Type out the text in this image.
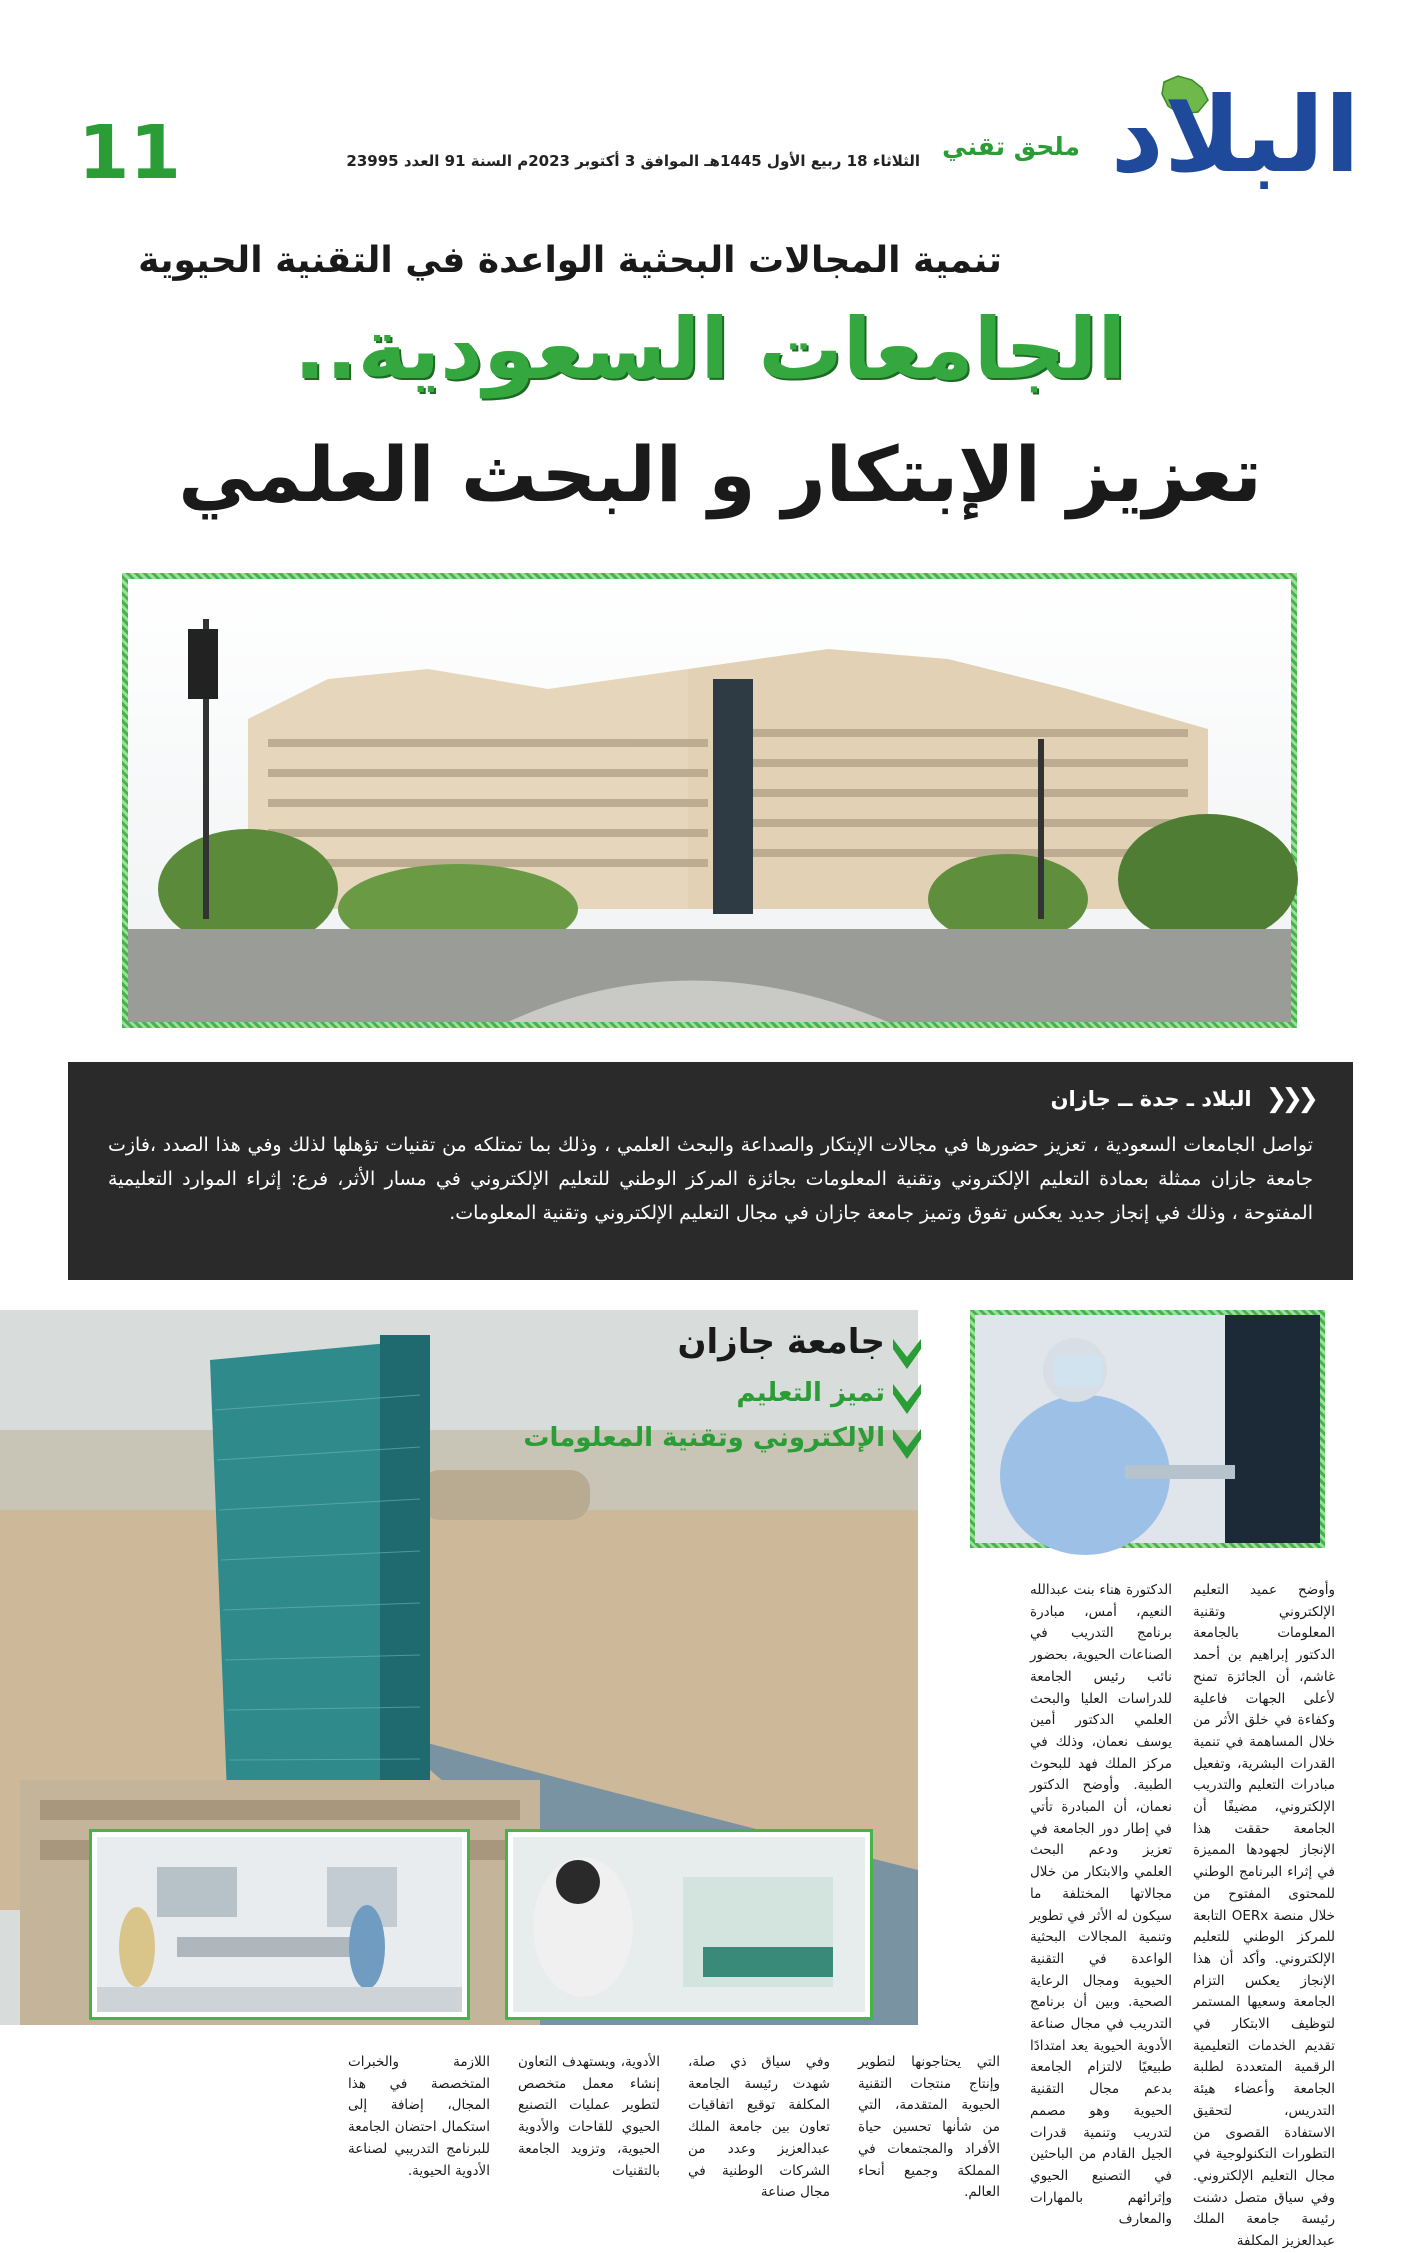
البلاد
ملحق تقني
الثلاثاء 18 ربيع الأول 1445هـ الموافق 3 أكتوبر 2023م السنة 91 العدد 23995
11
تنمية المجالات البحثية الواعدة في التقنية الحيوية
الجامعات السعودية..
تعزيز الإبتكار و البحث العلمي
❮❮❮
البلاد ـ جدة ــ جازان

تواصل الجامعات السعودية ، تعزيز حضورها في مجالات الإبتكار والصداعة والبحث العلمي ، وذلك بما تمتلكه من تقنيات تؤهلها لذلك وفي هذا الصدد ،فازت جامعة جازان ممثلة بعمادة التعليم الإلكتروني وتقنية المعلومات بجائزة المركز الوطني للتعليم الإلكتروني في مسار الأثر، فرع: إثراء الموارد التعليمية المفتوحة ، وذلك في إنجاز جديد يعكس تفوق وتميز جامعة جازان في مجال التعليم الإلكتروني وتقنية المعلومات.

جامعة جازان
تميز التعليم
الإلكتروني وتقنية المعلومات
وأوضح عميد التعليم الإلكتروني وتقنية المعلومات بالجامعة الدكتور إبراهيم بن أحمد غاشم، أن الجائزة تمنح لأعلى الجهات فاعلية وكفاءة في خلق الأثر من خلال المساهمة في تنمية القدرات البشرية، وتفعيل مبادرات التعليم والتدريب الإلكتروني، مضيفًا أن الجامعة حققت هذا الإنجاز لجهودها المميزة في إثراء البرنامج الوطني للمحتوى المفتوح من خلال منصة OERx التابعة للمركز الوطني للتعليم الإلكتروني. وأكد أن هذا الإنجاز يعكس التزام الجامعة وسعيها المستمر لتوظيف الابتكار في تقديم الخدمات التعليمية الرقمية المتعددة لطلبة الجامعة وأعضاء هيئة التدريس، لتحقيق الاستفادة القصوى من التطورات التكنولوجية في مجال التعليم الإلكتروني. وفي سياق متصل دشنت رئيسة جامعة الملك عبدالعزيز المكلفة
الدكتورة هناء بنت عبدالله النعيم، أمس، مبادرة برنامج التدريب في الصناعات الحيوية، بحضور نائب رئيس الجامعة للدراسات العليا والبحث العلمي الدكتور أمين يوسف نعمان، وذلك في مركز الملك فهد للبحوث الطبية. وأوضح الدكتور نعمان، أن المبادرة تأتي في إطار دور الجامعة في تعزيز ودعم البحث العلمي والابتكار من خلال مجالاتها المختلفة ما سيكون له الأثر في تطوير وتنمية المجالات البحثية الواعدة في التقنية الحيوية ومجال الرعاية الصحية. وبين أن برنامج التدريب في مجال صناعة الأدوية الحيوية يعد امتدادًا طبيعيًا لالتزام الجامعة بدعم مجال التقنية الحيوية وهو مصمم لتدريب وتنمية قدرات الجيل القادم من الباحثين في التصنيع الحيوي وإثرائهم بالمهارات والمعارف
التي يحتاجونها لتطوير وإنتاج منتجات التقنية الحيوية المتقدمة، التي من شأنها تحسين حياة الأفراد والمجتمعات في المملكة وجميع أنحاء العالم.
وفي سياق ذي صلة، شهدت رئيسة الجامعة المكلفة توقيع اتفاقيات تعاون بين جامعة الملك عبدالعزيز وعدد من الشركات الوطنية في مجال صناعة
الأدوية، ويستهدف التعاون إنشاء معمل متخصص لتطوير عمليات التصنيع الحيوي للقاحات والأدوية الحيوية، وتزويد الجامعة بالتقنيات
اللازمة والخبرات المتخصصة في هذا المجال، إضافة إلى استكمال احتضان الجامعة للبرنامج التدريبي لصناعة الأدوية الحيوية.
